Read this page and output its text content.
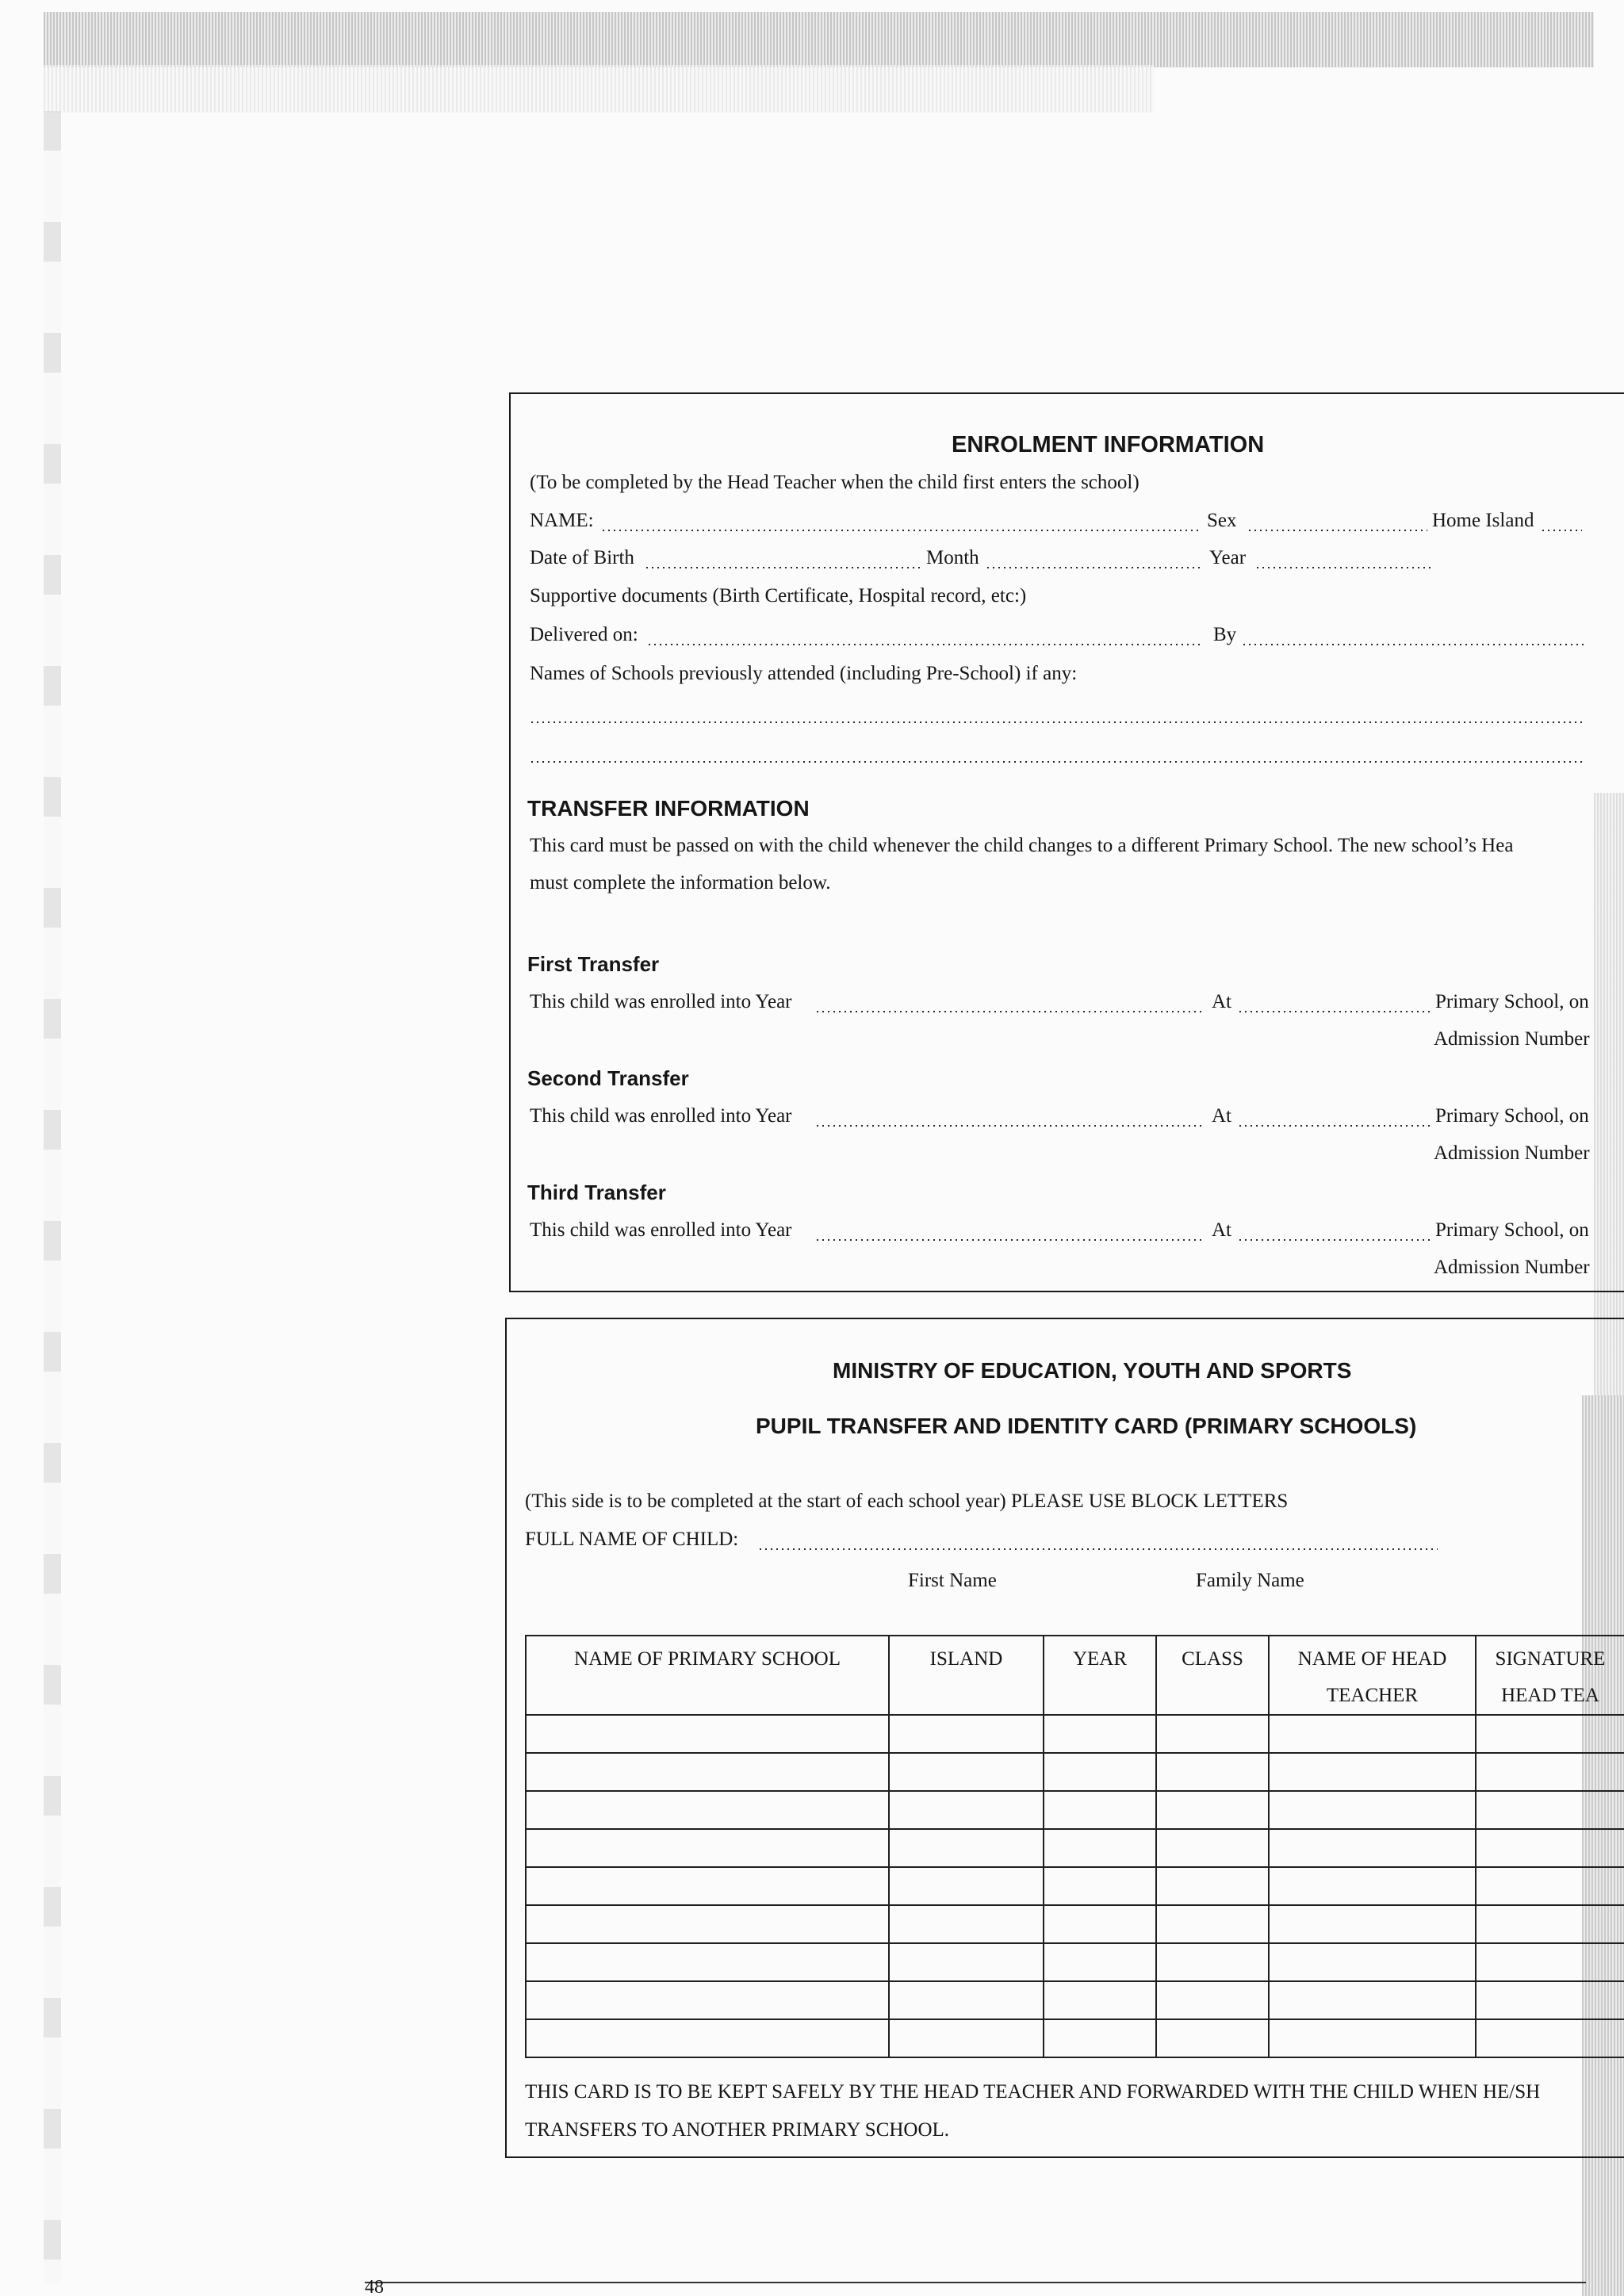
ENROLMENT INFORMATION
(To be completed by the Head Teacher when the child first enters the school)
NAME:	Sex	Home Island
Date of Birth	Month	Year
Supportive documents (Birth Certificate, Hospital record, etc:)
Delivered on:	By
Names of Schools previously attended (including Pre-School) if any:
TRANSFER INFORMATION
This card must be passed on with the child whenever the child changes to a different Primary School. The new school’s Hea
must complete the information below.
First Transfer
This child was enrolled into Year	At	Primary School, on
Admission Number
Second Transfer
This child was enrolled into Year	At	Primary School, on
Admission Number
Third Transfer
This child was enrolled into Year	At	Primary School, on
Admission Number
MINISTRY OF EDUCATION, YOUTH AND SPORTS
PUPIL TRANSFER AND IDENTITY CARD (PRIMARY SCHOOLS)
(This side is to be completed at the start of each school year) PLEASE USE BLOCK LETTERS
FULL NAME OF CHILD:
First Name	Family Name
NAME OF PRIMARY SCHOOL	ISLAND	YEAR	CLASS	NAME OF HEAD TEACHER	SIGNATURE HEAD TEA

THIS CARD IS TO BE KEPT SAFELY BY THE HEAD TEACHER AND FORWARDED WITH THE CHILD WHEN HE/SH
TRANSFERS TO ANOTHER PRIMARY SCHOOL.
48
